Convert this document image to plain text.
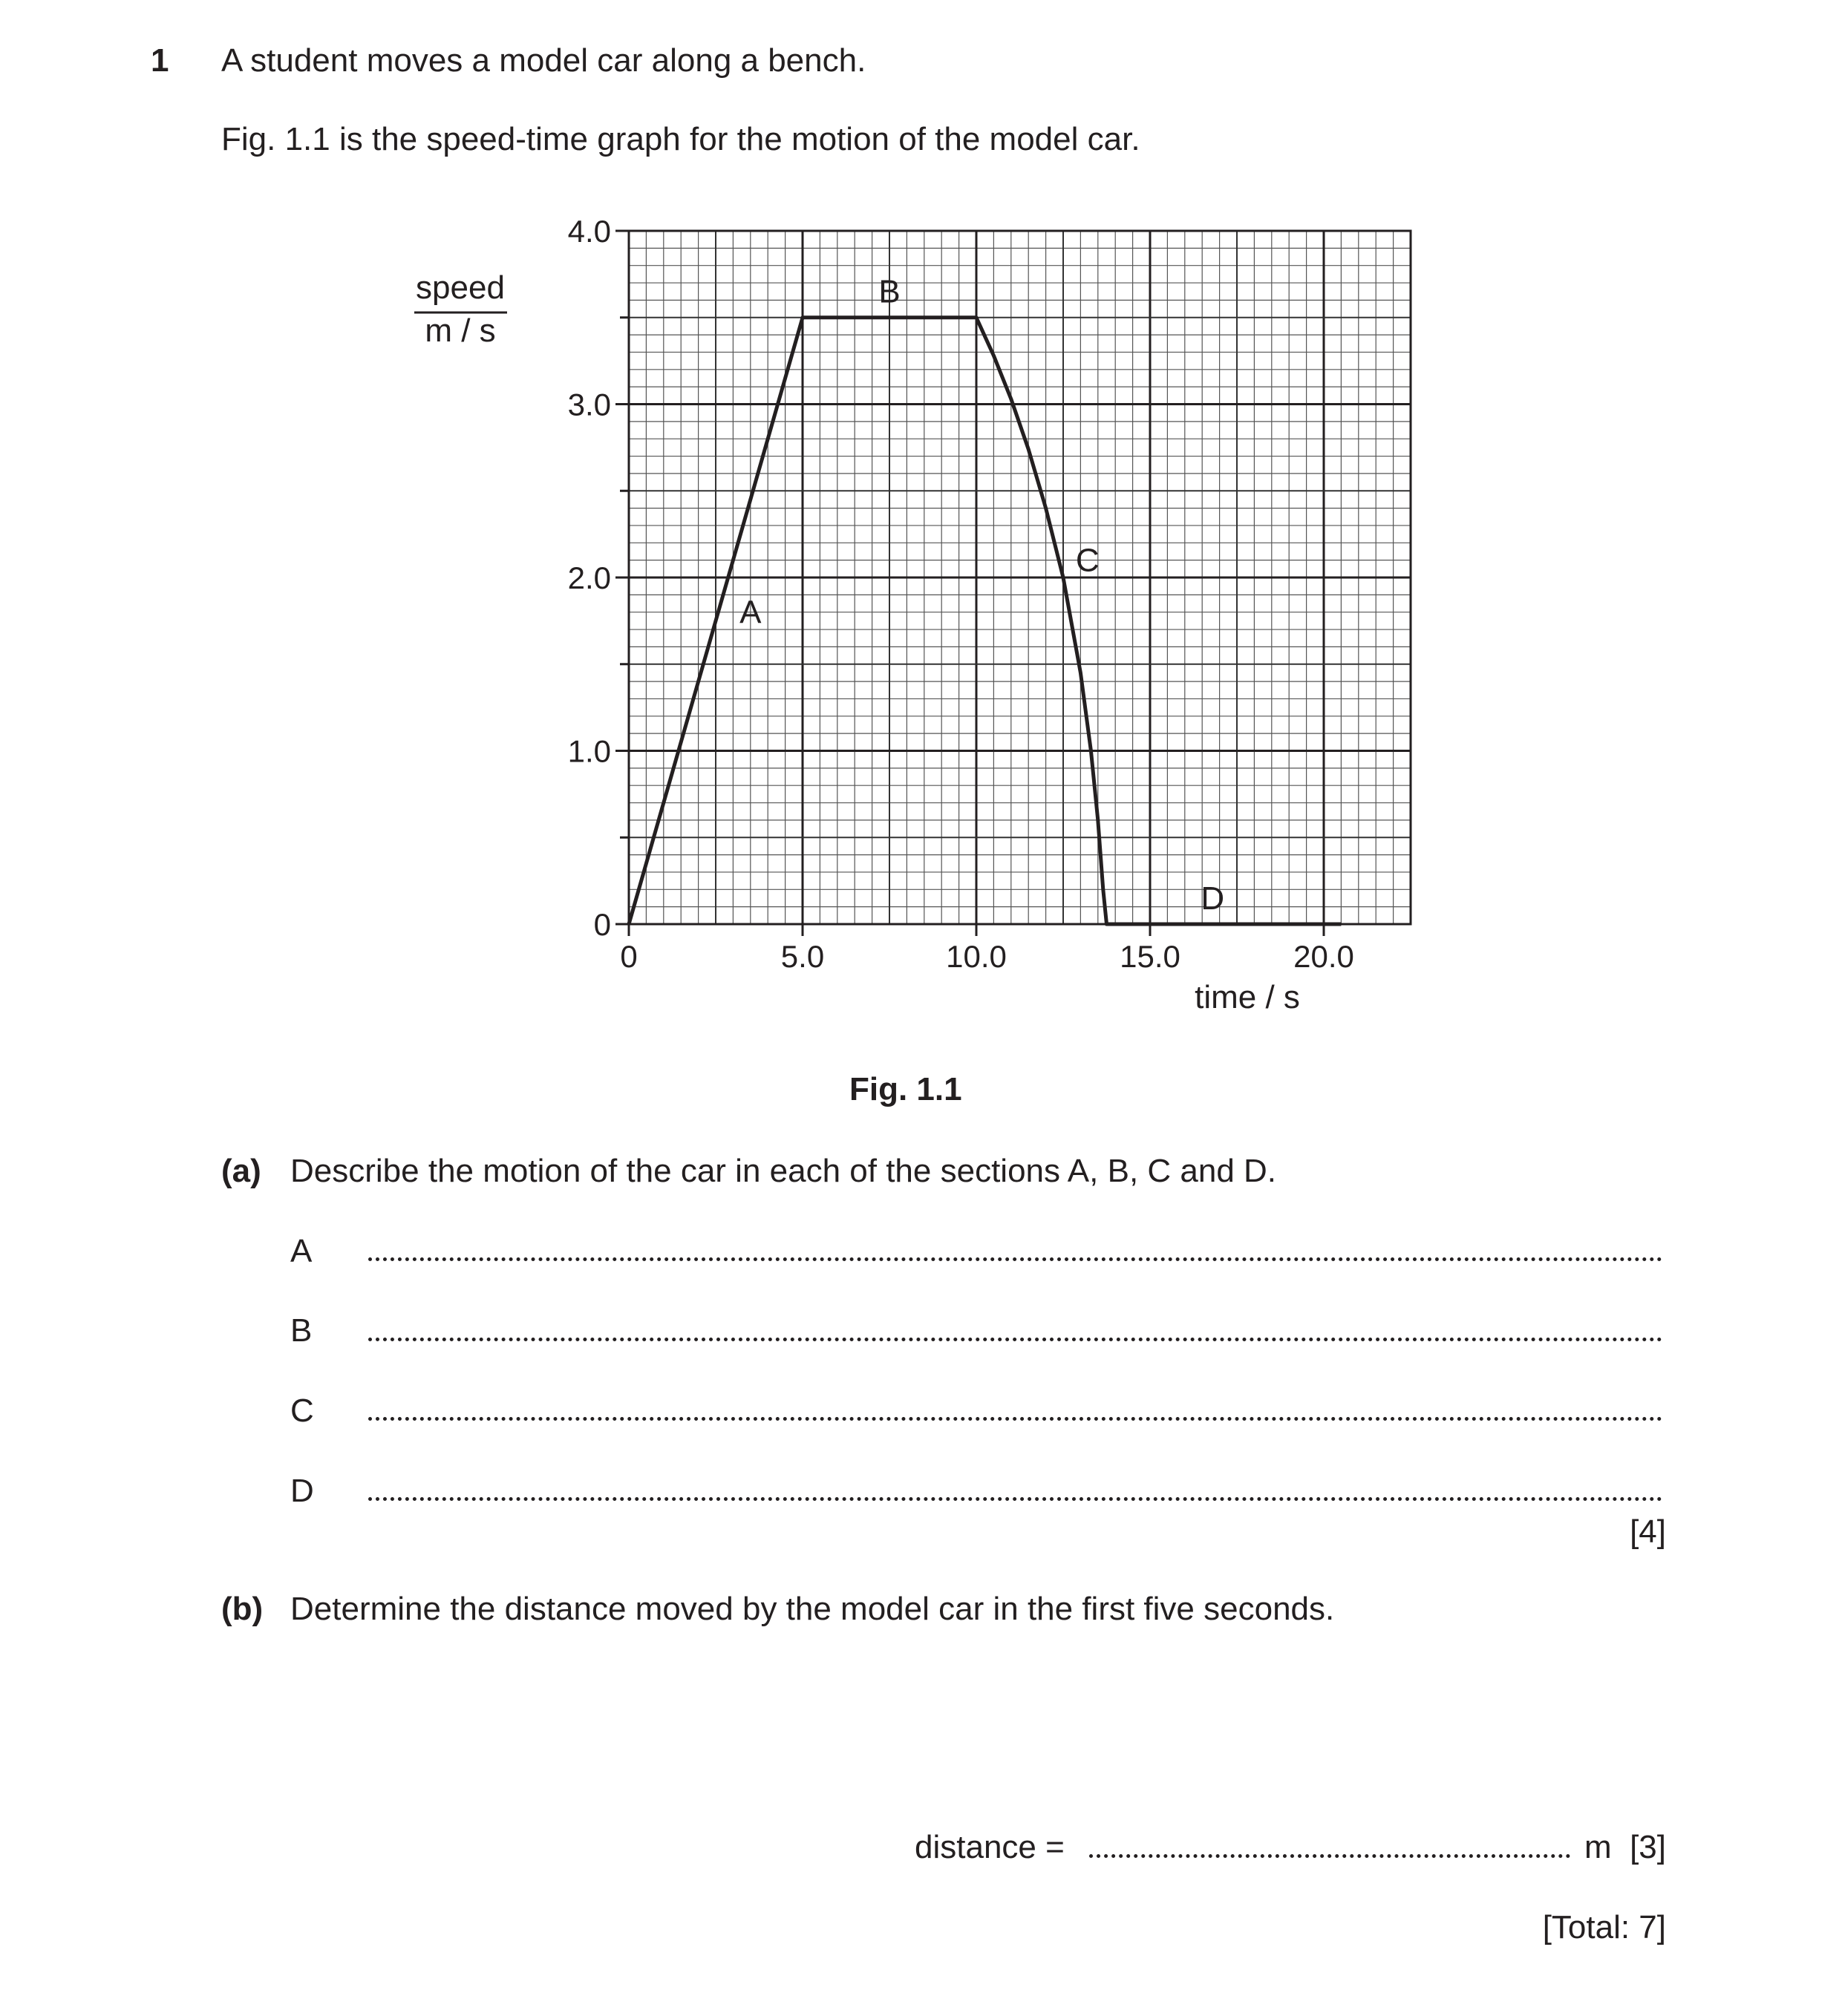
1 A student moves a model car along a bench.
Fig. 1.1 is the speed-time graph for the motion of the model car.
0
1.0
2.0
3.0
4.0
0	5.0	10.0	15.0	20.0
A
B
C
D
speed
m / s
time / s
Fig. 1.1
(a) Describe the motion of the car in each of the sections A, B, C and D.
A
B
C
D
[4]
(b) Determine the distance moved by the model car in the first five seconds.
distance =	m [3]
[Total: 7]
